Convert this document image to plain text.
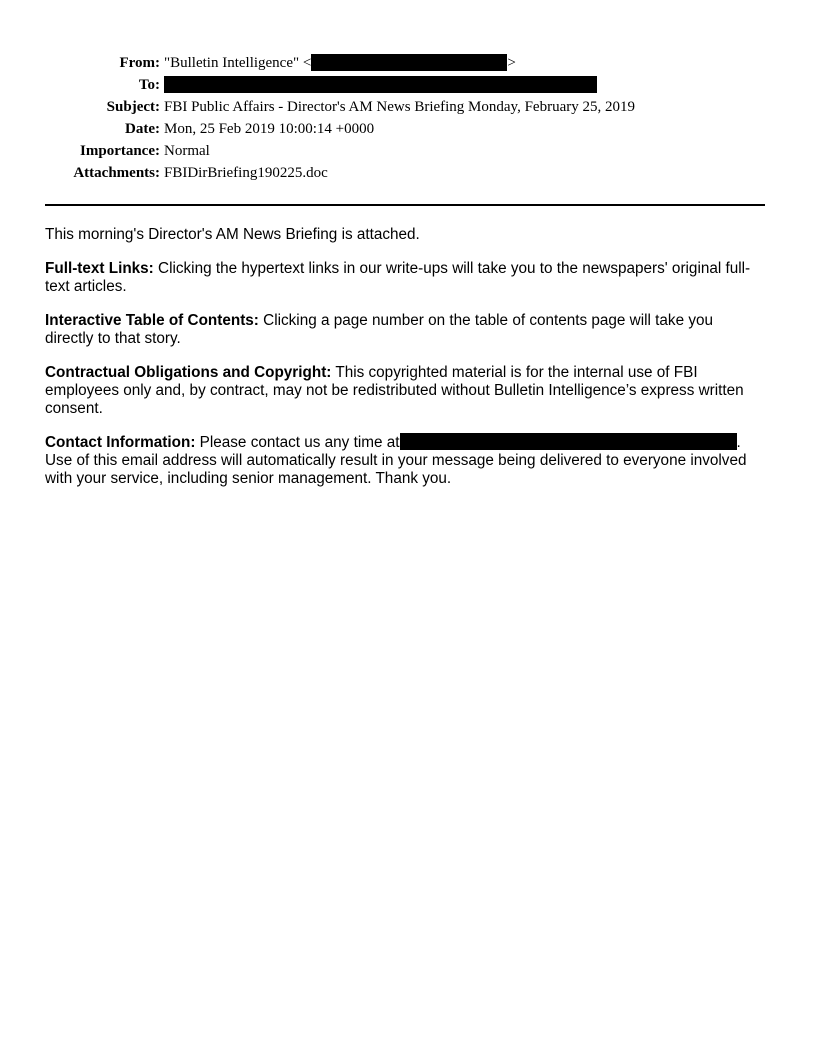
From: "Bulletin Intelligence" <	>
To:
Subject: FBI Public Affairs - Director's AM News Briefing Monday, February 25, 2019
Date: Mon, 25 Feb 2019 10:00:14 +0000
Importance: Normal
Attachments: FBIDirBriefing190225.doc

This morning's Director's AM News Briefing is attached.

Full-text Links: Clicking the hypertext links in our write-ups will take you to the newspapers' original full-text articles.

Interactive Table of Contents: Clicking a page number on the table of contents page will take you directly to that story.

Contractual Obligations and Copyright: This copyrighted material is for the internal use of FBI employees only and, by contract, may not be redistributed without Bulletin Intelligence’s express written consent.

Contact Information: Please contact us any time at	. Use of this email address will automatically result in your message being delivered to everyone involved with your service, including senior management. Thank you.
